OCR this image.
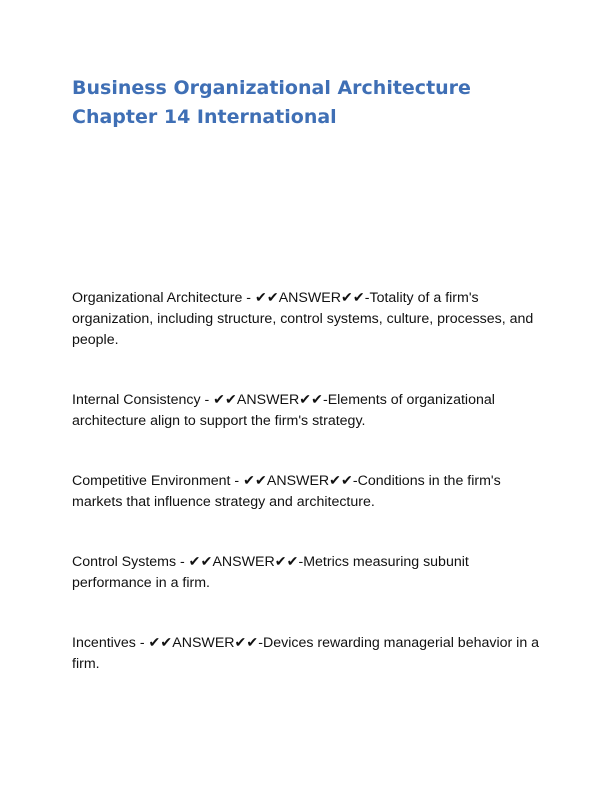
Business Organizational Architecture
Chapter 14 International
Organizational Architecture - ✔✔ANSWER✔✔-Totality of a firm's organization, including structure, control systems, culture, processes, and people.
Internal Consistency - ✔✔ANSWER✔✔-Elements of organizational architecture align to support the firm's strategy.
Competitive Environment - ✔✔ANSWER✔✔-Conditions in the firm's markets that influence strategy and architecture.
Control Systems - ✔✔ANSWER✔✔-Metrics measuring subunit performance in a firm.
Incentives - ✔✔ANSWER✔✔-Devices rewarding managerial behavior in a firm.
